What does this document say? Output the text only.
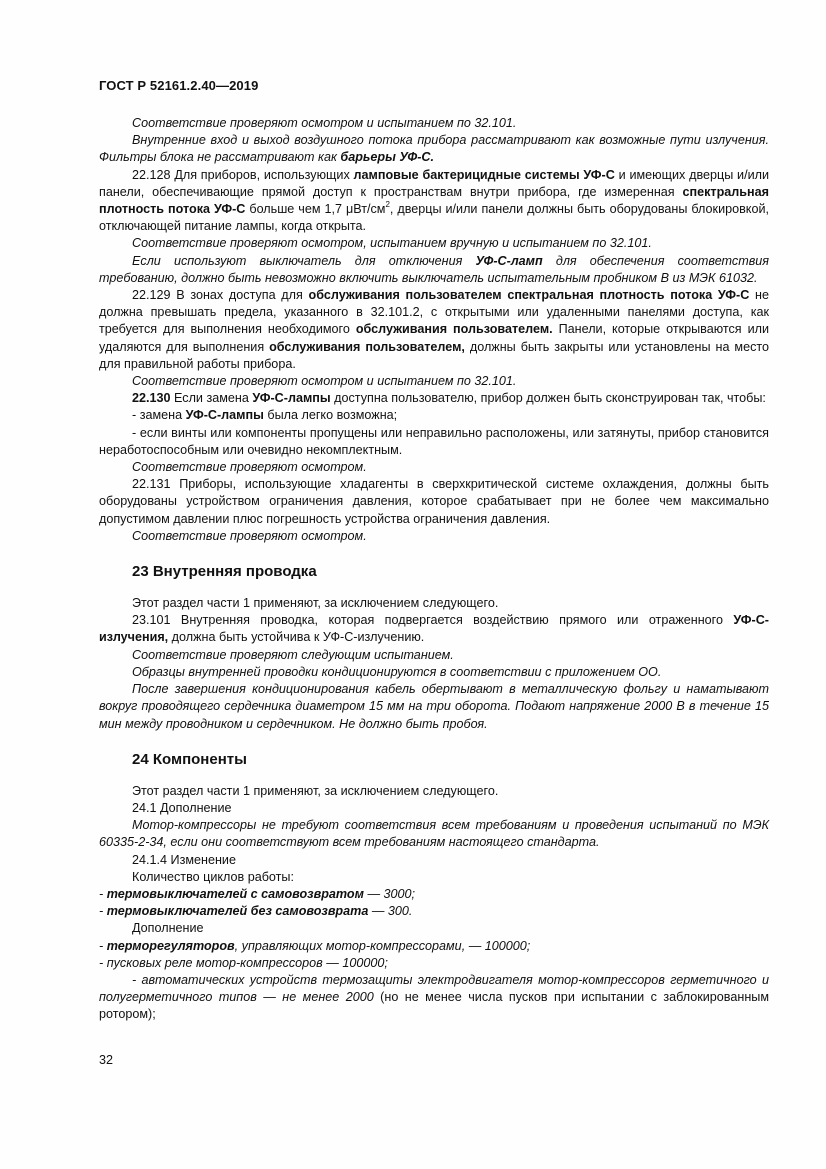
ГОСТ Р 52161.2.40—2019

Соответствие проверяют осмотром и испытанием по 32.101.

Внутренние вход и выход воздушного потока прибора рассматривают как возможные пути излучения. Фильтры блока не рассматривают как барьеры УФ-С.

22.128 Для приборов, использующих ламповые бактерицидные системы УФ-С и имеющих дверцы и/или панели, обеспечивающие прямой доступ к пространствам внутри прибора, где измеренная спектральная плотность потока УФ-С больше чем 1,7 μВт/$см^2$, дверцы и/или панели должны быть оборудованы блокировкой, отключающей питание лампы, когда открыта.

Соответствие проверяют осмотром, испытанием вручную и испытанием по 32.101.

Если используют выключатель для отключения УФ-С-ламп для обеспечения соответствия требованию, должно быть невозможно включить выключатель испытательным пробником B из МЭК 61032.

22.129 В зонах доступа для обслуживания пользователем спектральная плотность потока УФ-С не должна превышать предела, указанного в 32.101.2, с открытыми или удаленными панелями доступа, как требуется для выполнения необходимого обслуживания пользователем. Панели, которые открываются или удаляются для выполнения обслуживания пользователем, должны быть закрыты или установлены на место для правильной работы прибора.

Соответствие проверяют осмотром и испытанием по 32.101.

22.130 Если замена УФ-С-лампы доступна пользователю, прибор должен быть сконструирован так, чтобы:

- замена УФ-С-лампы была легко возможна;

- если винты или компоненты пропущены или неправильно расположены, или затянуты, прибор становится неработоспособным или очевидно некомплектным.

Соответствие проверяют осмотром.

22.131 Приборы, использующие хладагенты в сверхкритической системе охлаждения, должны быть оборудованы устройством ограничения давления, которое срабатывает при не более чем максимально допустимом давлении плюс погрешность устройства ограничения давления.

Соответствие проверяют осмотром.

23 Внутренняя проводка

Этот раздел части 1 применяют, за исключением следующего.

23.101 Внутренняя проводка, которая подвергается воздействию прямого или отраженного УФ-С-излучения, должна быть устойчива к УФ-С-излучению.

Соответствие проверяют следующим испытанием.

Образцы внутренней проводки кондиционируются в соответствии с приложением OO.

После завершения кондиционирования кабель обертывают в металлическую фольгу и наматывают вокруг проводящего сердечника диаметром 15 мм на три оборота. Подают напряжение 2000 В в течение 15 мин между проводником и сердечником. Не должно быть пробоя.

24 Компоненты

Этот раздел части 1 применяют, за исключением следующего.

24.1 Дополнение

Мотор-компрессоры не требуют соответствия всем требованиям и проведения испытаний по МЭК 60335-2-34, если они соответствуют всем требованиям настоящего стандарта.

24.1.4 Изменение

Количество циклов работы:

- термовыключателей с самовозвратом — 3000;

- термовыключателей без самовозврата — 300.

Дополнение

- терморегуляторов, управляющих мотор-компрессорами, — 100000;

- пусковых реле мотор-компрессоров — 100000;

- автоматических устройств термозащиты электродвигателя мотор-компрессоров герметичного и полугерметичного типов — не менее 2000 (но не менее числа пусков при испытании с заблокированным ротором);

32
